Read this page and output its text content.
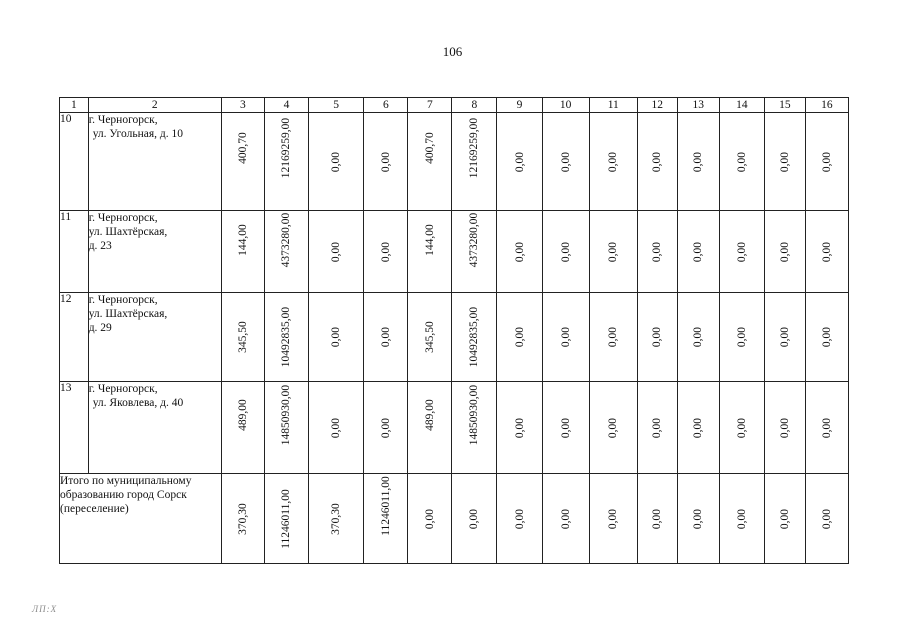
106
1	2	3	4	5	6	7	8	9	10	11	12	13	14	15	16
10	г. Черногорск,
ул. Угольная, д. 10	400,70	12169259,00	0,00	0,00	400,70	12169259,00	0,00	0,00	0,00	0,00	0,00	0,00	0,00	0,00

11	г. Черногорск,
ул. Шахтёрская,
д. 23	144,00	4373280,00	0,00	0,00	144,00	4373280,00	0,00	0,00	0,00	0,00	0,00	0,00	0,00	0,00

12	г. Черногорск,
ул. Шахтёрская,
д. 29	345,50	10492835,00	0,00	0,00	345,50	10492835,00	0,00	0,00	0,00	0,00	0,00	0,00	0,00	0,00

13	г. Черногорск,
ул. Яковлева, д. 40	489,00	14850930,00	0,00	0,00	489,00	14850930,00	0,00	0,00	0,00	0,00	0,00	0,00	0,00	0,00

Итого по муниципальному
образованию город Сорск
(переселение)		370,30	11246011,00	370,30	11246011,00	0,00	0,00	0,00	0,00	0,00	0,00	0,00	0,00	0,00	0,00
ЛП:Х
